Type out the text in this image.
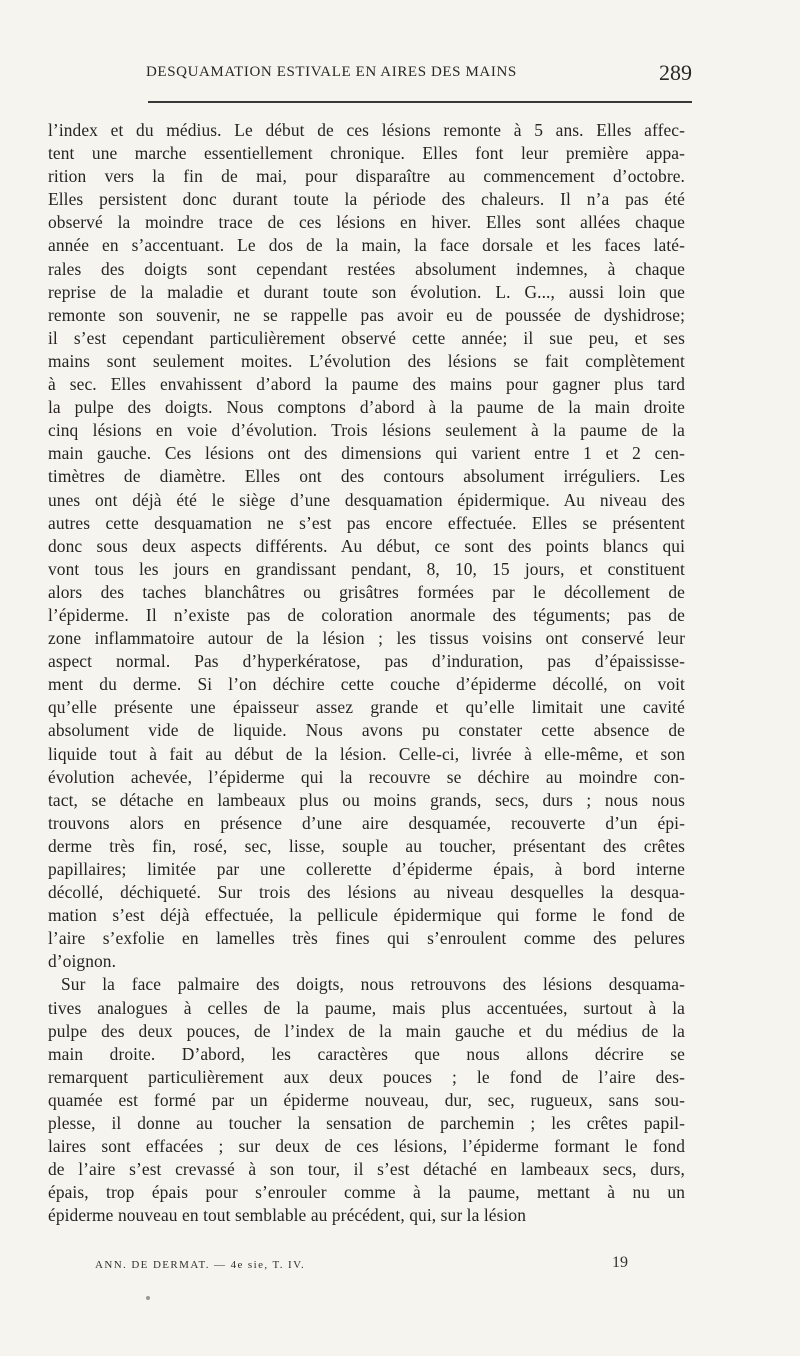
DESQUAMATION ESTIVALE EN AIRES DES MAINS	289
l’index et du médius. Le début de ces lésions remonte à 5 ans. Elles affec-
tent une marche essentiellement chronique. Elles font leur première appa-
rition vers la fin de mai, pour disparaître au commencement d’octobre.
Elles persistent donc durant toute la période des chaleurs. Il n’a pas été
observé la moindre trace de ces lésions en hiver. Elles sont allées chaque
année en s’accentuant. Le dos de la main, la face dorsale et les faces laté-
rales des doigts sont cependant restées absolument indemnes, à chaque
reprise de la maladie et durant toute son évolution. L. G..., aussi loin que
remonte son souvenir, ne se rappelle pas avoir eu de poussée de dyshidrose;
il s’est cependant particulièrement observé cette année; il sue peu, et ses
mains sont seulement moites. L’évolution des lésions se fait complètement
à sec. Elles envahissent d’abord la paume des mains pour gagner plus tard
la pulpe des doigts. Nous comptons d’abord à la paume de la main droite
cinq lésions en voie d’évolution. Trois lésions seulement à la paume de la
main gauche. Ces lésions ont des dimensions qui varient entre 1 et 2 cen-
timètres de diamètre. Elles ont des contours absolument irréguliers. Les
unes ont déjà été le siège d’une desquamation épidermique. Au niveau des
autres cette desquamation ne s’est pas encore effectuée. Elles se présentent
donc sous deux aspects différents. Au début, ce sont des points blancs qui
vont tous les jours en grandissant pendant, 8, 10, 15 jours, et constituent
alors des taches blanchâtres ou grisâtres formées par le décollement de
l’épiderme. Il n’existe pas de coloration anormale des téguments; pas de
zone inflammatoire autour de la lésion ; les tissus voisins ont conservé leur
aspect normal. Pas d’hyperkératose, pas d’induration, pas d’épaississe-
ment du derme. Si l’on déchire cette couche d’épiderme décollé, on voit
qu’elle présente une épaisseur assez grande et qu’elle limitait une cavité
absolument vide de liquide. Nous avons pu constater cette absence de
liquide tout à fait au début de la lésion. Celle-ci, livrée à elle-même, et son
évolution achevée, l’épiderme qui la recouvre se déchire au moindre con-
tact, se détache en lambeaux plus ou moins grands, secs, durs ; nous nous
trouvons alors en présence d’une aire desquamée, recouverte d’un épi-
derme très fin, rosé, sec, lisse, souple au toucher, présentant des crêtes
papillaires; limitée par une collerette d’épiderme épais, à bord interne
décollé, déchiqueté. Sur trois des lésions au niveau desquelles la desqua-
mation s’est déjà effectuée, la pellicule épidermique qui forme le fond de
l’aire s’exfolie en lamelles très fines qui s’enroulent comme des pelures
d’oignon.
Sur la face palmaire des doigts, nous retrouvons des lésions desquama-
tives analogues à celles de la paume, mais plus accentuées, surtout à la
pulpe des deux pouces, de l’index de la main gauche et du médius de la
main droite. D’abord, les caractères que nous allons décrire se
remarquent particulièrement aux deux pouces ; le fond de l’aire des-
quamée est formé par un épiderme nouveau, dur, sec, rugueux, sans sou-
plesse, il donne au toucher la sensation de parchemin ; les crêtes papil-
laires sont effacées ; sur deux de ces lésions, l’épiderme formant le fond
de l’aire s’est crevassé à son tour, il s’est détaché en lambeaux secs, durs,
épais, trop épais pour s’enrouler comme à la paume, mettant à nu un
épiderme nouveau en tout semblable au précédent, qui, sur la lésion
ANN. DE DERMAT. — 4e sie, T. IV.	19
